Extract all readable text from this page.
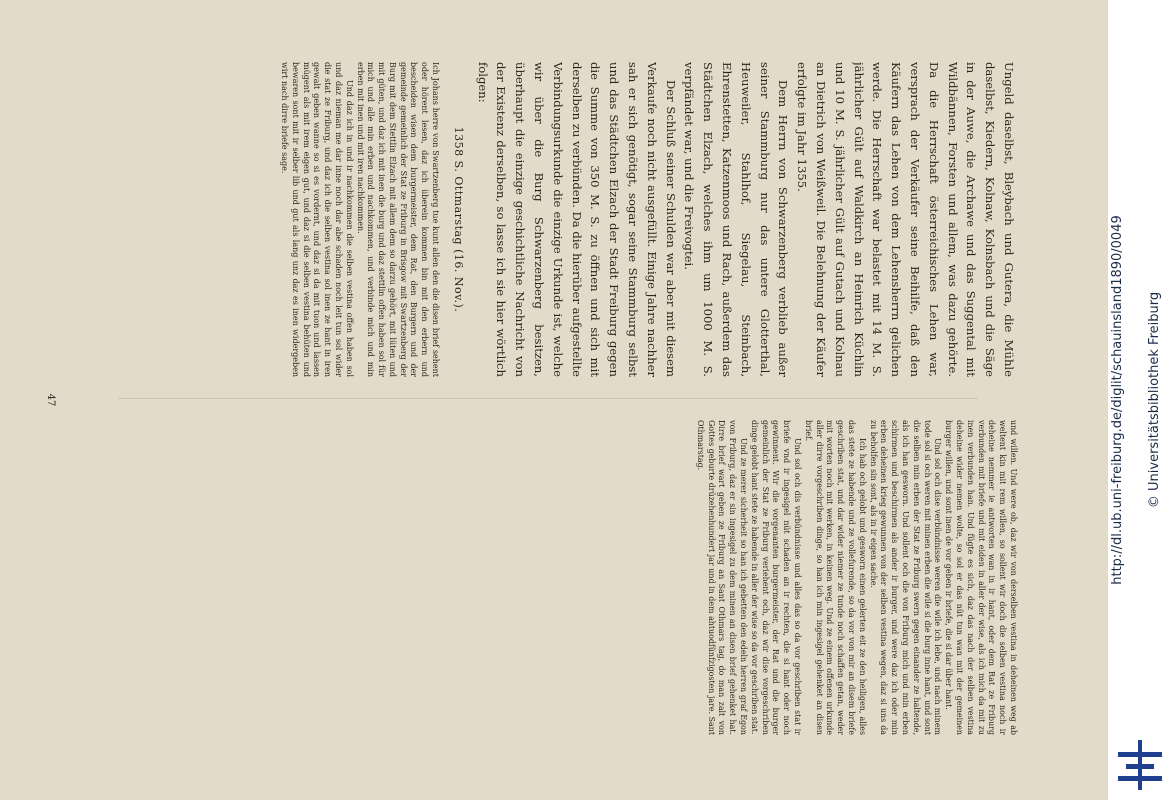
Ungeld daselbst, Bleybach und Gutera, die Mühle daselbst, Kiedern, Kolnaw, Kolnsbach und die Säge in der Auwe, die Archawe und das Suggental mit Wildbännen, Forsten und allem, was dazu gehörte. Da die Herrschaft österreichisches Lehen war, versprach der Verkäufer seine Beihilfe, daß den Käufern das Lehen von dem Lehensherrn gelichen werde. Die Herrschaft war belastet mit 14 M. S. jährlicher Gült auf Waldkirch an Heinrich Küchlin und 10 M. S. jährlicher Gült auf Gutach und Kolnau an Dietrich von Weißweil. Die Belehnung der Käufer erfolgte im Jahr 1355.

Dem Herrn von Schwarzenberg verblieb außer seiner Stammburg nur das untere Glotterthal, Heuweiler, Stahlhof, Siegelau, Steinbach, Ehrenstetten, Katzenmoos und Rach, außerdem das Städtchen Elzach, welches ihm um 1000 M. S. verpfändet war, und die Freivogtei.

Der Schluß seiner Schulden war aber mit diesem Verkaufe noch nicht ausgefüllt. Einige Jahre nachher sah er sich genötigt, sogar seine Stammburg selbst und das Städtchen Elzach der Stadt Freiburg gegen die Summe von 350 M. S. zu öffnen und sich mit derselben zu verbünden. Da die hierüber aufgestellte Verbindungsurkunde die einzige Urkunde ist, welche wir über die Burg Schwarzenberg besitzen, überhaupt die einzige geschichtliche Nachricht von der Existenz derselben, so lasse ich sie hier wörtlich folgen:

1358 S. Ottmarstag (16. Nov.).

Ich Johans herre von Swartzenberg tue kunt allen den die disen brief sehent oder hörent lesen, daz ich überein kommen bin mit den erbern und bescheiden wisen dem burgermeister, dem Rat, den Burgern und der gemeinde gemeinlich der Stat ze Friburg in Brisgow mit Swartzenberg der Burg mit dem Stettlin Elzach mit allem dem so darzu gehört, mit lüten und mit güten, und daz ich mit inen die burg und daz stettlin offen haben sol für mich und alle min erben und nachkommen, und verbinde mich und min erben mit inen und mit iren nachkommen.

Und daz ich in und ir nachkommen die selben vestina offen haben sol und daz nieman me dar inne noch dar abe schaden noch leit tun sol wider die stat ze Friburg, und daz ich die selben vestina sol inen ze hant in iren gewalt geben wanne so si es vordernt, und daz si da mit tuon und lassen mügent als mit irem eigen gut, und daz si die selben vestina behüten und bewaren sont mit ir selber lib und gut als lang unz daz es inen widergeben wirt nach dirre briefe sage.

und willen. Und were ob, daz wir von derselben vestina in deheinen weg ab weltent kin mit rem willen, so sollent wir doch die selben vestina noch ir deheine nemmer ie antworten wan in ir hant, oder dem Rat ze Friburg verbunden mit briefe und mit eiden in aller der wise, als ich mich da mit zu inen verbunden han. Und fügte es sich, daz das nach der selben vestina deheine wider nemen wolte, so sol er das nüt tun wan mit der gemeinen burger willen, und sont inen de vor geben ir briefe, die si dar über hant.

Und sol och dise verbündnisse weren die wile ich lebe, und nach minem tode sol si och weren mit minen erben die wile si die burg inne hant, und sont die selben min erben der Stat ze Friburg swern gegen einander ze haltende, als ich han gesworn. Und sollent och die von Friburg mich und min erben schirmen und beschirmen als ander ir burger, und were daz ich oder min erben deheinen krieg gewunnen von der selben vestina wegen, daz si uns da zu beholfen sin sont, als in ir eigen sache.

Ich hab och gelobt und gesworn einen gelerten eit ze den heiligen, alles das stete ze habende und ze vollefurende, so da vor von mir an disem briefe geschriben stat, und dar wider niemer ze tunde noch schaffen getan, weder mit worten noch mit werken, in keinen weg. Und ze einem offenen urkunde aller dirre vorgeschriben dinge, so han ich min ingesigel gehenket an disen brief.

Und sol och dis verbündnisse und alles das so da vor geschriben stat ir briefe vnd ir ingesigel nüt schaden an ir rechten, die si hant oder noch gewinnent. Wir die vorgenanten burgermeister, der Rat und die burger gemeinlich der Stat ze Friburg veriehent och, daz wir dise vorgeschriben dinge gelobt hant stete ze habende in aller der wise so da vor geschriben stat.

Und ze merer sicherheit so han ich gebetten den edeln herren graf Egon von Friburg, daz er sin ingesigel zu dem minen an disen brief gehenket hat. Dirre brief wart geben ze Friburg an Sant Othmars tag, do man zalt von Gottes geburte drüzehenhundert jar und in dem ahtuodfünfzigosten jare. Sant Othmarstag.

47	http://dl.ub.uni-freiburg.de/diglit/schauinsland1890/0049 © Universitätsbibliothek Freiburg
